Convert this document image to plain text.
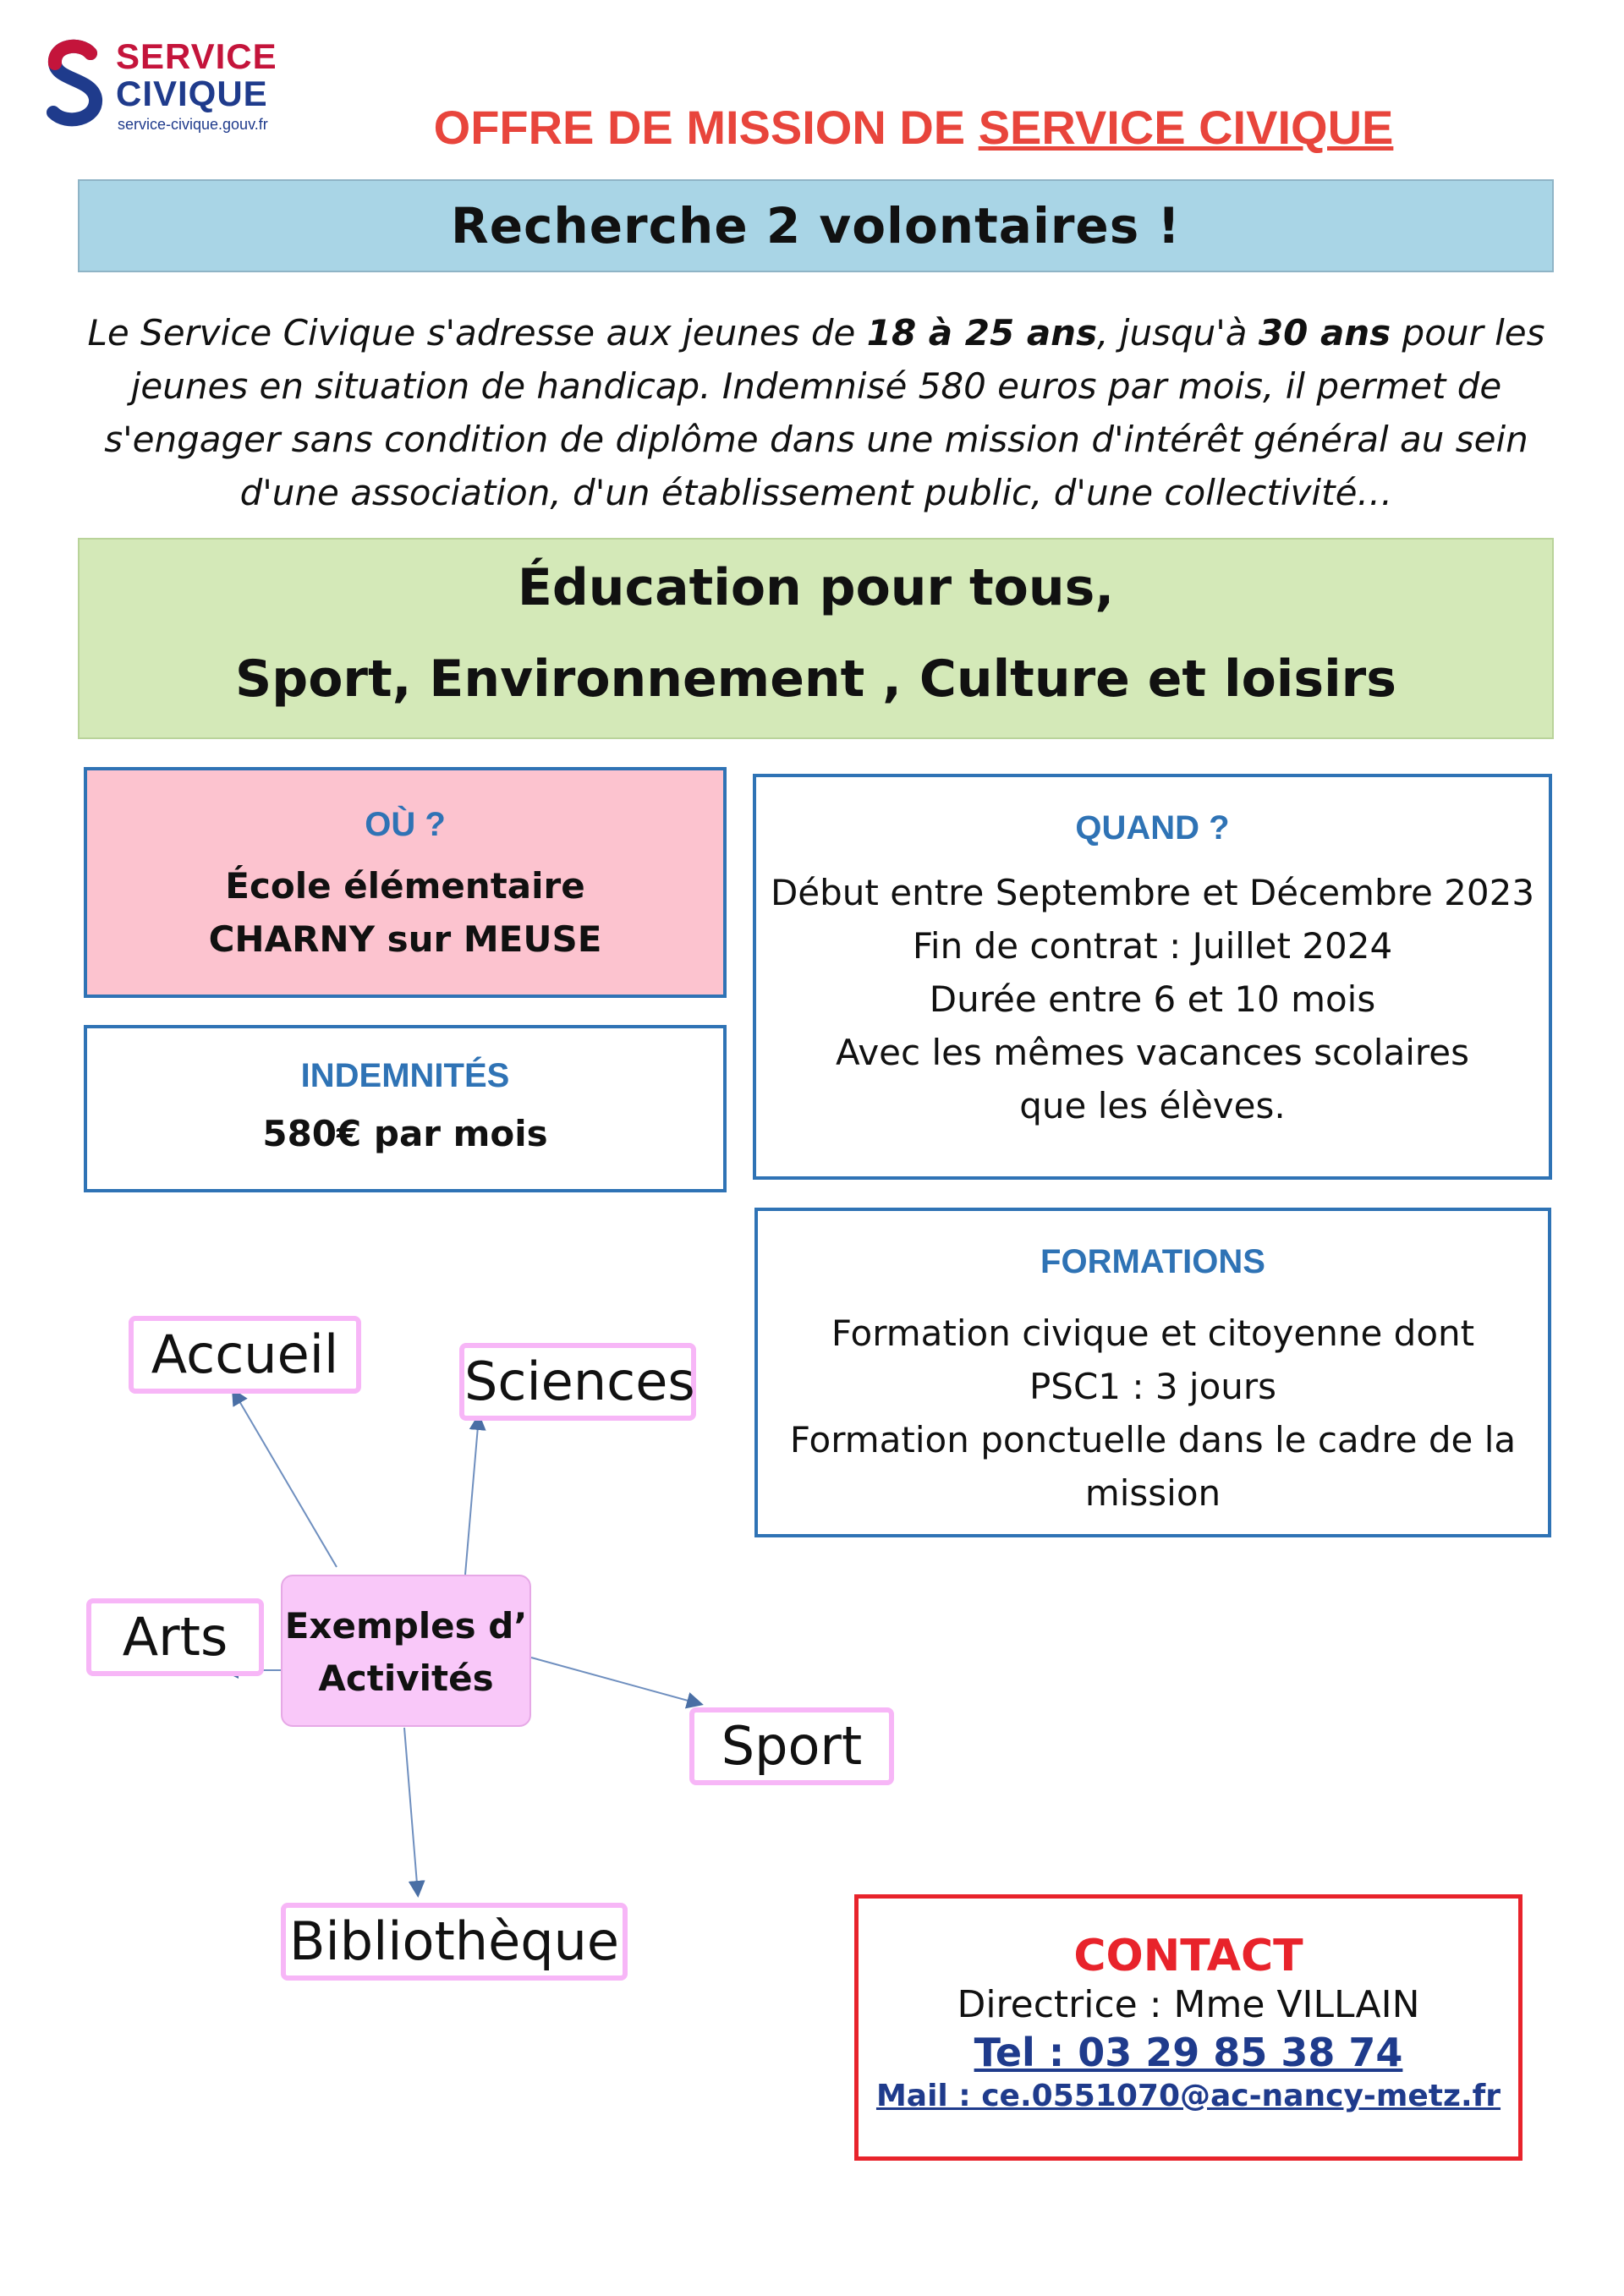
SERVICE
CIVIQUE
service-civique.gouv.fr	OFFRE DE MISSION DE SERVICE CIVIQUE
Recherche 2 volontaires !
Le Service Civique s'adresse aux jeunes de 18 à 25 ans, jusqu'à 30 ans pour les jeunes en situation de handicap. Indemnisé 580 euros par mois, il permet de s'engager sans condition de diplôme dans une mission d'intérêt général au sein d'une association, d'un établissement public, d'une collectivité…
Éducation pour tous,
Sport, Environnement , Culture et loisirs
OÙ ?
École élémentaire
CHARNY sur MEUSE
INDEMNITÉS
580€ par mois
QUAND ?
Début entre Septembre et Décembre 2023
Fin de contrat : Juillet 2024
Durée entre 6 et 10 mois
Avec les mêmes vacances scolaires
que les élèves.
FORMATIONS
Formation civique et citoyenne dont
PSC1 : 3 jours
Formation ponctuelle dans le cadre de la
mission
Accueil	Sciences
Arts
Sport
Bibliothèque
Exemples d’
Activités
CONTACT
Directrice : Mme VILLAIN
Tel : 03 29 85 38 74
Mail : ce.0551070@ac-nancy-metz.fr
